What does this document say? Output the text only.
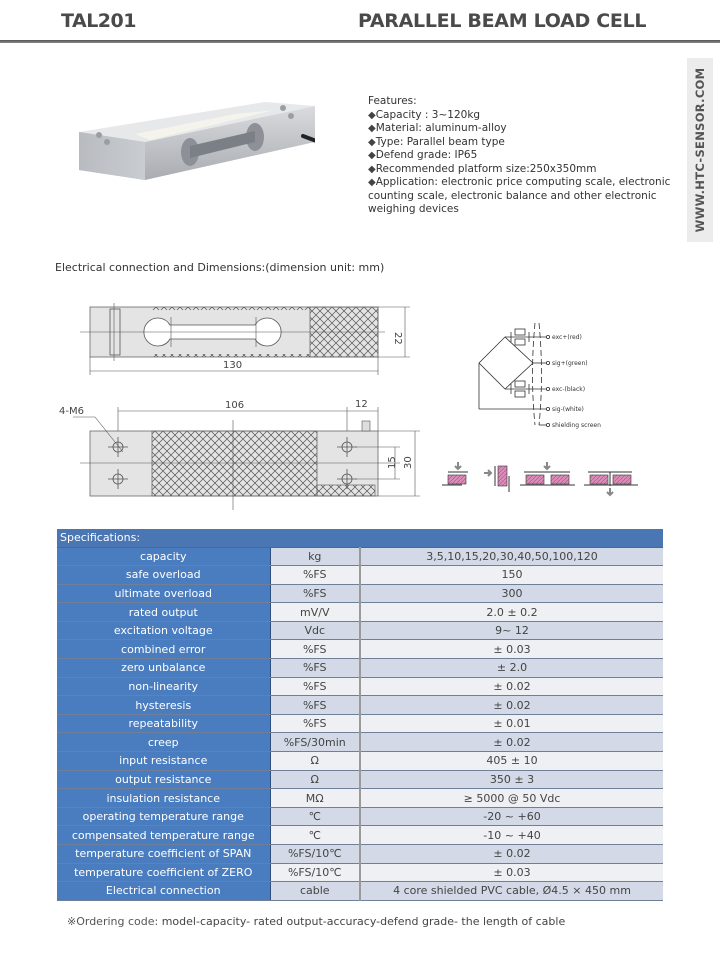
TAL201	PARALLEL BEAM LOAD CELL
Features:
◆Capacity : 3~120kg
◆Material: aluminum-alloy
◆Type: Parallel beam type
◆Defend grade: IP65
◆Recommended platform size:250x350mm
◆Application: electronic price computing scale, electronic counting scale, electronic balance and other electronic weighing devices	WWW.HTC-SENSOR.COM
Electrical connection and Dimensions:(dimension unit: mm)
22
130
4-M6
106	12
15 30
exc+(red)
sig+(green)
exc-(black)
sig-(white)
shielding screen
Specifications:		
capacity	kg	3,5,10,15,20,30,40,50,100,120
safe overload	%FS	150
ultimate overload	%FS	300
rated output	mV/V	2.0 ± 0.2
excitation voltage	Vdc	9~ 12
combined error	%FS	± 0.03
zero unbalance	%FS	± 2.0
non-linearity	%FS	± 0.02
hysteresis	%FS	± 0.02
repeatability	%FS	± 0.01
creep	%FS/30min	± 0.02
input resistance	Ω	405 ± 10
output resistance	Ω	350 ± 3
insulation resistance	MΩ	≥ 5000 @ 50 Vdc
operating temperature range	℃	-20 ~ +60
compensated temperature range	℃	-10 ~ +40
temperature coefficient of SPAN	%FS/10℃	± 0.02
temperature coefficient of ZERO	%FS/10℃	± 0.03
Electrical connection	cable	4 core shielded PVC cable, Ø4.5 × 450 mm
※Ordering code: model-capacity- rated output-accuracy-defend grade- the length of cable
